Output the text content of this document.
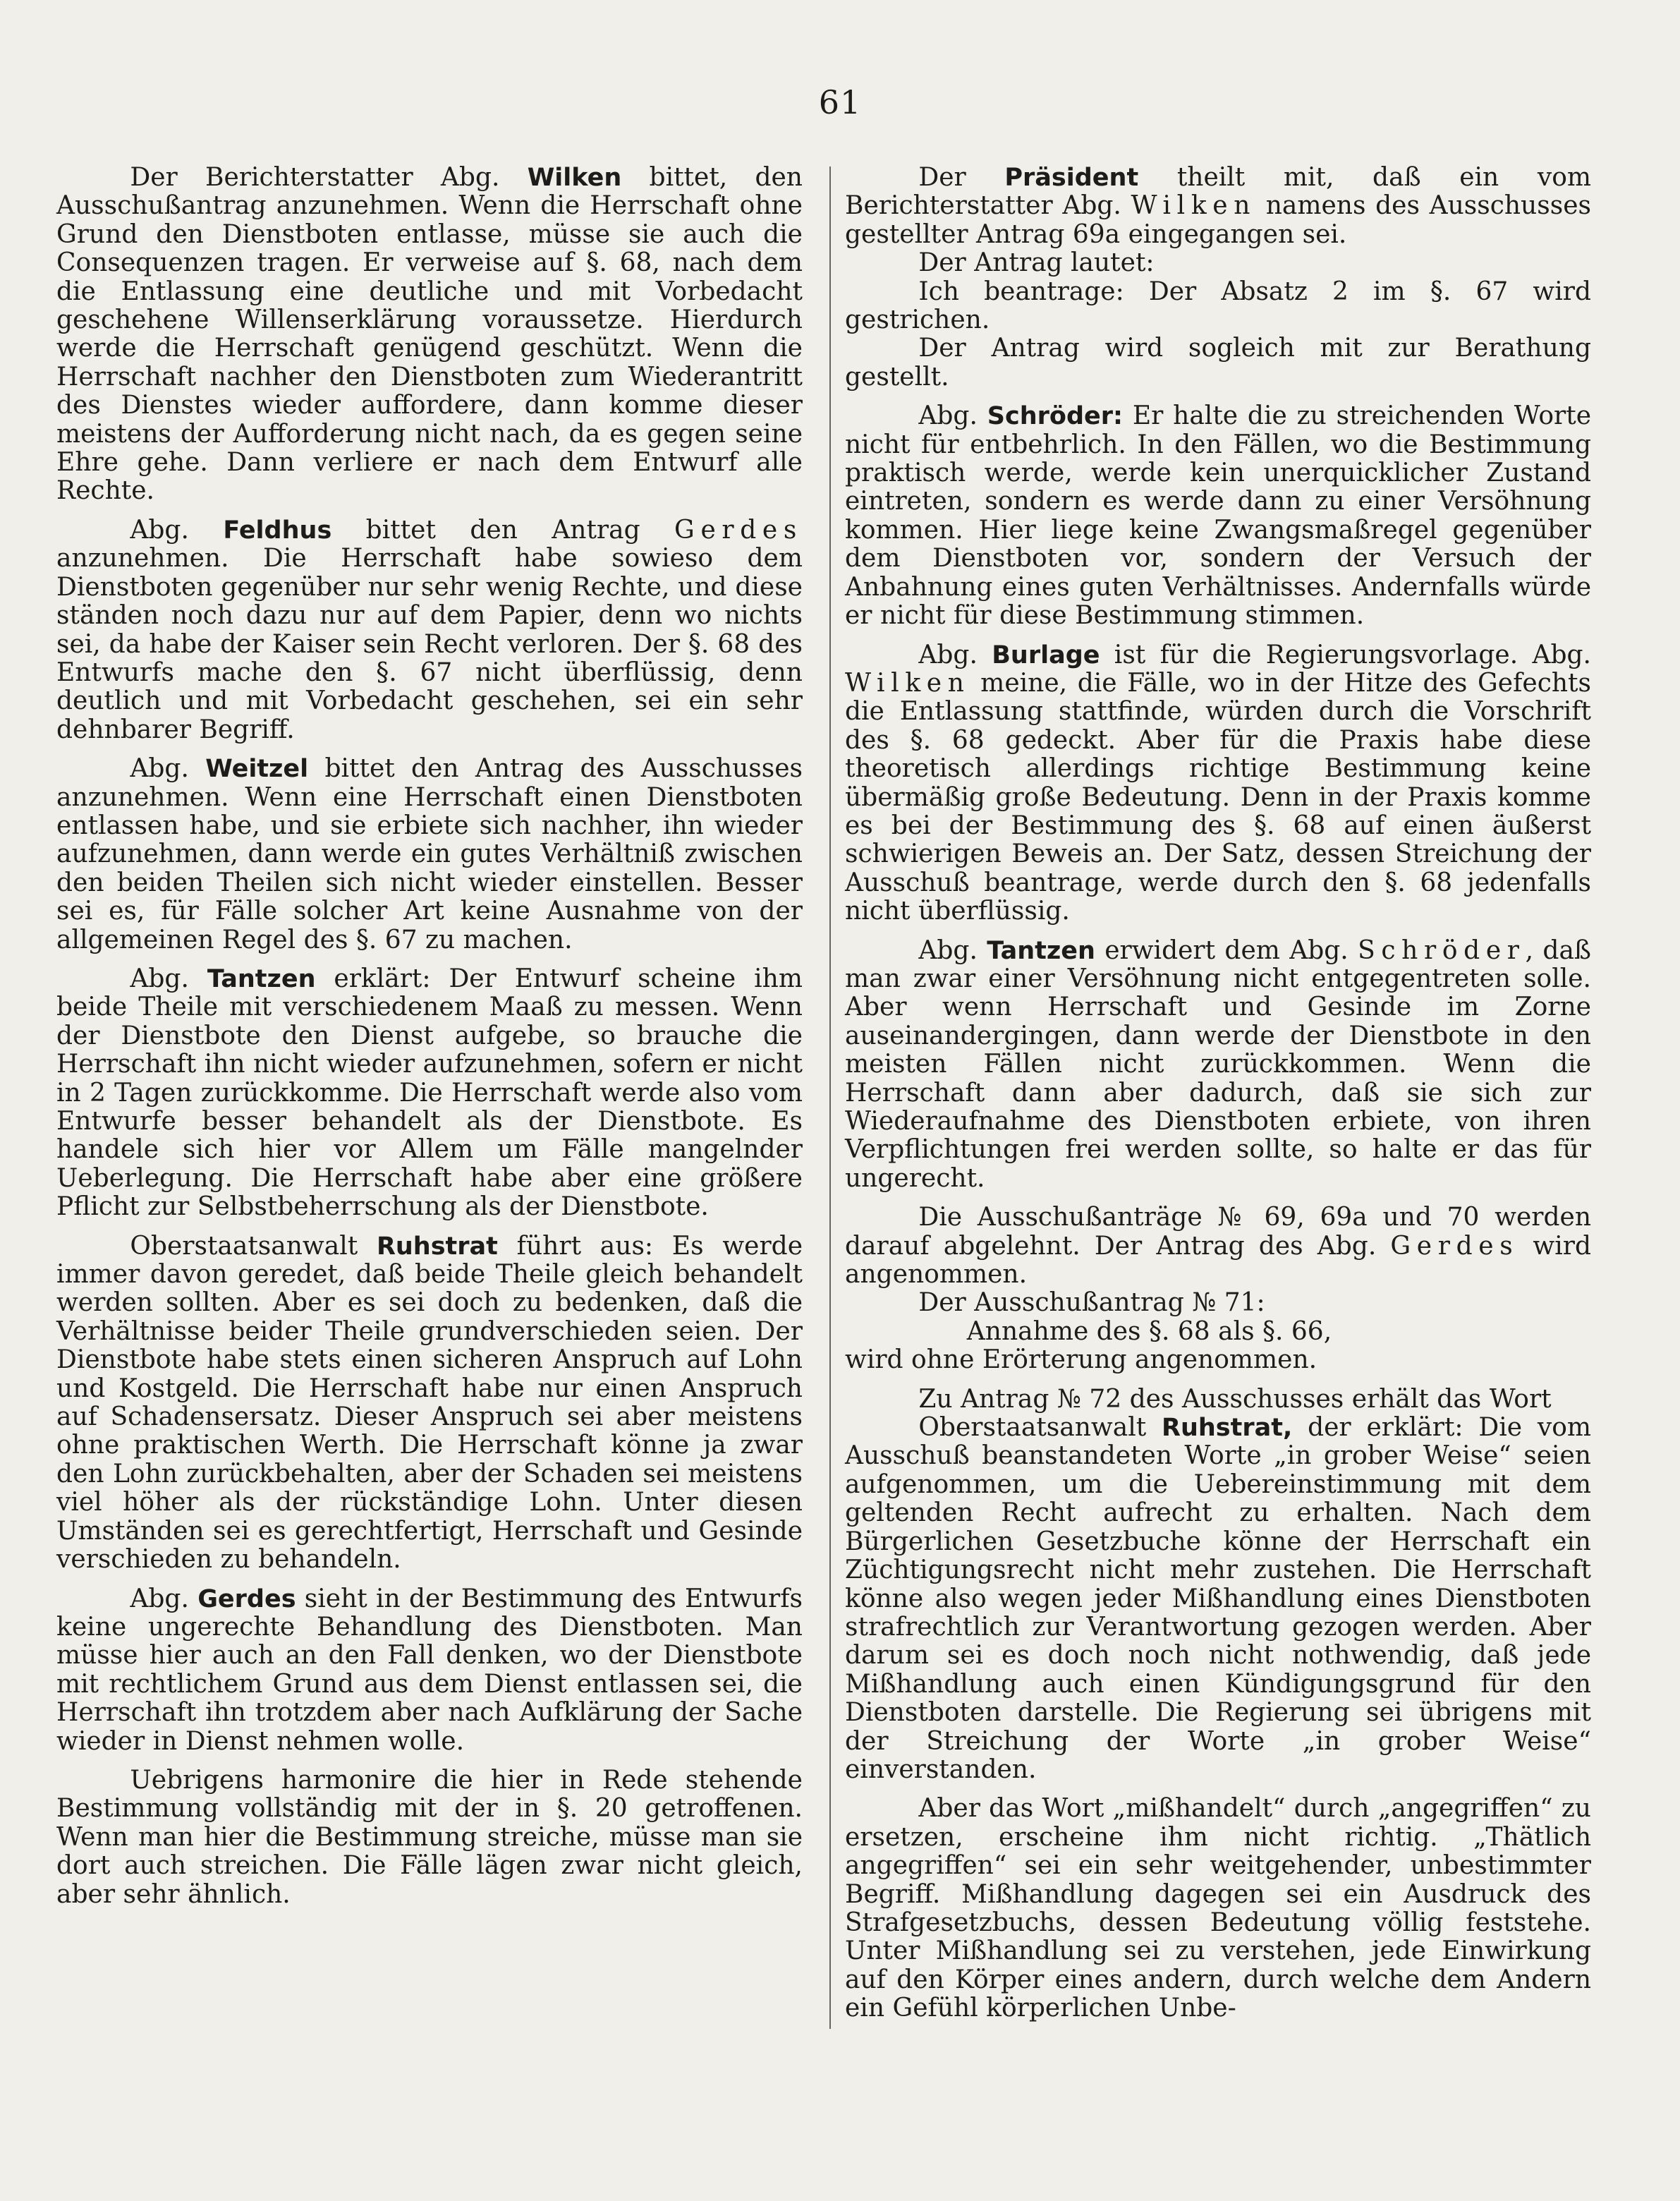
61

Der Berichterstatter Abg. Wilken bittet, den Ausschußantrag anzunehmen. Wenn die Herrschaft ohne Grund den Dienstboten entlasse, müsse sie auch die Consequenzen tragen. Er verweise auf §. 68, nach dem die Entlassung eine deutliche und mit Vorbedacht geschehene Willenserklärung voraussetze. Hierdurch werde die Herrschaft genügend geschützt. Wenn die Herrschaft nachher den Dienstboten zum Wiederantritt des Dienstes wieder auffordere, dann komme dieser meistens der Aufforderung nicht nach, da es gegen seine Ehre gehe. Dann verliere er nach dem Entwurf alle Rechte.

Abg. Feldhus bittet den Antrag Gerdes anzunehmen. Die Herrschaft habe sowieso dem Dienstboten gegenüber nur sehr wenig Rechte, und diese ständen noch dazu nur auf dem Papier, denn wo nichts sei, da habe der Kaiser sein Recht verloren. Der §. 68 des Entwurfs mache den §. 67 nicht überflüssig, denn deutlich und mit Vorbedacht geschehen, sei ein sehr dehnbarer Begriff.

Abg. Weitzel bittet den Antrag des Ausschusses anzunehmen. Wenn eine Herrschaft einen Dienstboten entlassen habe, und sie erbiete sich nachher, ihn wieder aufzunehmen, dann werde ein gutes Verhältniß zwischen den beiden Theilen sich nicht wieder einstellen. Besser sei es, für Fälle solcher Art keine Ausnahme von der allgemeinen Regel des §. 67 zu machen.

Abg. Tantzen erklärt: Der Entwurf scheine ihm beide Theile mit verschiedenem Maaß zu messen. Wenn der Dienstbote den Dienst aufgebe, so brauche die Herrschaft ihn nicht wieder aufzunehmen, sofern er nicht in 2 Tagen zurückkomme. Die Herrschaft werde also vom Entwurfe besser behandelt als der Dienstbote. Es handele sich hier vor Allem um Fälle mangelnder Ueberlegung. Die Herrschaft habe aber eine größere Pflicht zur Selbstbeherrschung als der Dienstbote.

Oberstaatsanwalt Ruhstrat führt aus: Es werde immer davon geredet, daß beide Theile gleich behandelt werden sollten. Aber es sei doch zu bedenken, daß die Verhältnisse beider Theile grundverschieden seien. Der Dienstbote habe stets einen sicheren Anspruch auf Lohn und Kostgeld. Die Herrschaft habe nur einen Anspruch auf Schadensersatz. Dieser Anspruch sei aber meistens ohne praktischen Werth. Die Herrschaft könne ja zwar den Lohn zurückbehalten, aber der Schaden sei meistens viel höher als der rückständige Lohn. Unter diesen Umständen sei es gerechtfertigt, Herrschaft und Gesinde verschieden zu behandeln.

Abg. Gerdes sieht in der Bestimmung des Entwurfs keine ungerechte Behandlung des Dienstboten. Man müsse hier auch an den Fall denken, wo der Dienstbote mit rechtlichem Grund aus dem Dienst entlassen sei, die Herrschaft ihn trotzdem aber nach Aufklärung der Sache wieder in Dienst nehmen wolle.

Uebrigens harmonire die hier in Rede stehende Bestimmung vollständig mit der in §. 20 getroffenen. Wenn man hier die Bestimmung streiche, müsse man sie dort auch streichen. Die Fälle lägen zwar nicht gleich, aber sehr ähnlich.

Der Präsident theilt mit, daß ein vom Berichterstatter Abg. Wilken namens des Ausschusses gestellter Antrag 69a eingegangen sei.

Der Antrag lautet:

Ich beantrage: Der Absatz 2 im §. 67 wird gestrichen.

Der Antrag wird sogleich mit zur Berathung gestellt.

Abg. Schröder: Er halte die zu streichenden Worte nicht für entbehrlich. In den Fällen, wo die Bestimmung praktisch werde, werde kein unerquicklicher Zustand eintreten, sondern es werde dann zu einer Versöhnung kommen. Hier liege keine Zwangsmaßregel gegenüber dem Dienstboten vor, sondern der Versuch der Anbahnung eines guten Verhältnisses. Andernfalls würde er nicht für diese Bestimmung stimmen.

Abg. Burlage ist für die Regierungsvorlage. Abg. Wilken meine, die Fälle, wo in der Hitze des Gefechts die Entlassung stattfinde, würden durch die Vorschrift des §. 68 gedeckt. Aber für die Praxis habe diese theoretisch allerdings richtige Bestimmung keine übermäßig große Bedeutung. Denn in der Praxis komme es bei der Bestimmung des §. 68 auf einen äußerst schwierigen Beweis an. Der Satz, dessen Streichung der Ausschuß beantrage, werde durch den §. 68 jedenfalls nicht überflüssig.

Abg. Tantzen erwidert dem Abg. Schröder, daß man zwar einer Versöhnung nicht entgegentreten solle. Aber wenn Herrschaft und Gesinde im Zorne auseinandergingen, dann werde der Dienstbote in den meisten Fällen nicht zurückkommen. Wenn die Herrschaft dann aber dadurch, daß sie sich zur Wiederaufnahme des Dienstboten erbiete, von ihren Verpflichtungen frei werden sollte, so halte er das für ungerecht.

Die Ausschußanträge № 69, 69a und 70 werden darauf abgelehnt. Der Antrag des Abg. Gerdes wird angenommen.

Der Ausschußantrag № 71:

Annahme des §. 68 als §. 66,

wird ohne Erörterung angenommen.

Zu Antrag № 72 des Ausschusses erhält das Wort

Oberstaatsanwalt Ruhstrat, der erklärt: Die vom Ausschuß beanstandeten Worte „in grober Weise“ seien aufgenommen, um die Uebereinstimmung mit dem geltenden Recht aufrecht zu erhalten. Nach dem Bürgerlichen Gesetzbuche könne der Herrschaft ein Züchtigungsrecht nicht mehr zustehen. Die Herrschaft könne also wegen jeder Mißhandlung eines Dienstboten strafrechtlich zur Verantwortung gezogen werden. Aber darum sei es doch noch nicht nothwendig, daß jede Mißhandlung auch einen Kündigungsgrund für den Dienstboten darstelle. Die Regierung sei übrigens mit der Streichung der Worte „in grober Weise“ einverstanden.

Aber das Wort „mißhandelt“ durch „angegriffen“ zu ersetzen, erscheine ihm nicht richtig. „Thätlich angegriffen“ sei ein sehr weitgehender, unbestimmter Begriff. Mißhandlung dagegen sei ein Ausdruck des Strafgesetzbuchs, dessen Bedeutung völlig feststehe. Unter Mißhandlung sei zu verstehen, jede Einwirkung auf den Körper eines andern, durch welche dem Andern ein Gefühl körperlichen Unbe-
